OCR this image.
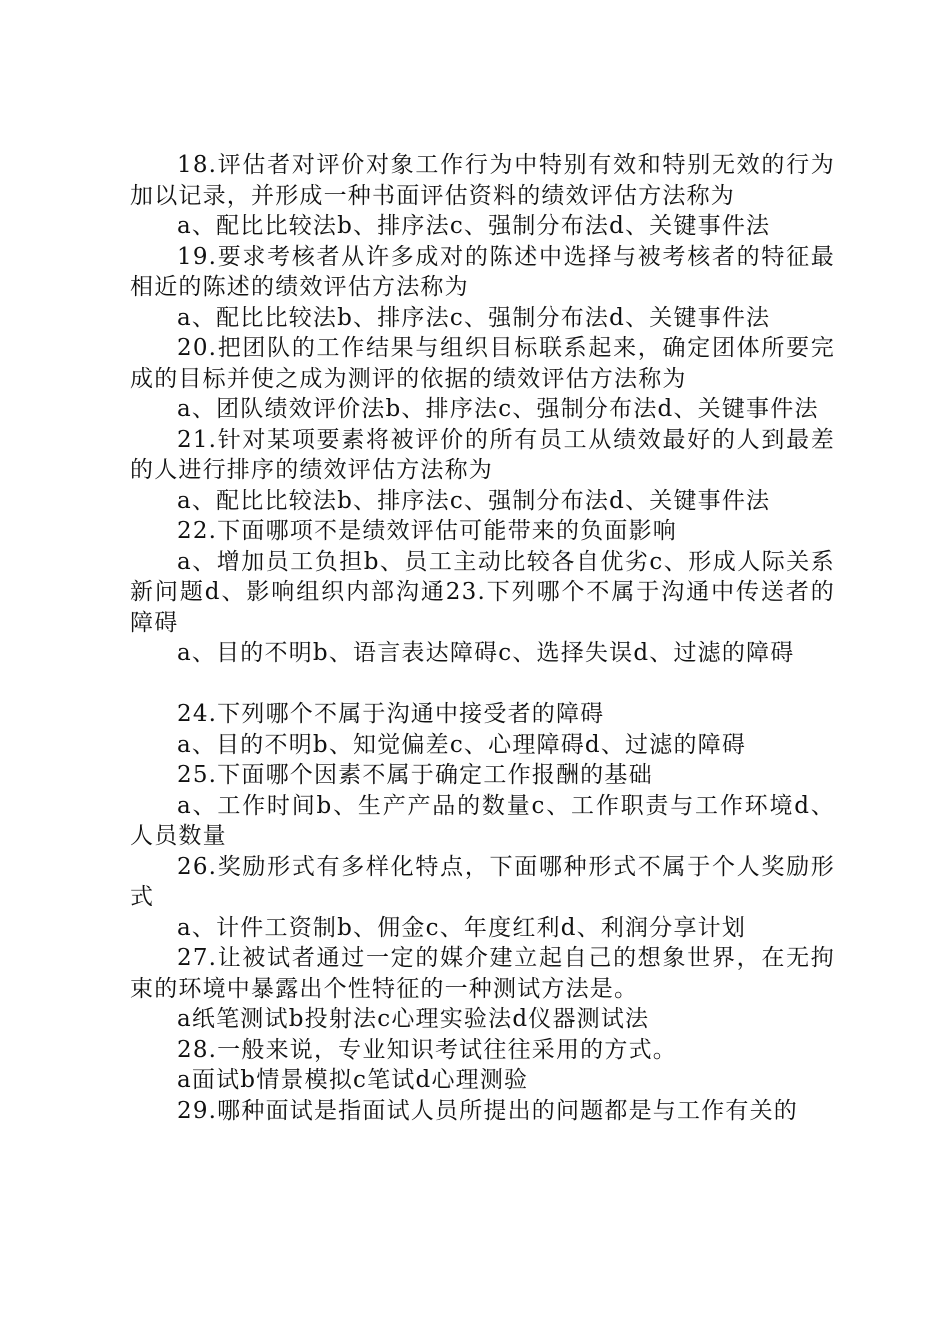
18.评估者对评价对象工作行为中特别有效和特别无效的行为加以记录，并形成一种书面评估资料的绩效评估方法称为

a、配比比较法b、排序法c、强制分布法d、关键事件法

19.要求考核者从许多成对的陈述中选择与被考核者的特征最相近的陈述的绩效评估方法称为

a、配比比较法b、排序法c、强制分布法d、关键事件法

20.把团队的工作结果与组织目标联系起来，确定团体所要完成的目标并使之成为测评的依据的绩效评估方法称为

a、团队绩效评价法b、排序法c、强制分布法d、关键事件法

21.针对某项要素将被评价的所有员工从绩效最好的人到最差的人进行排序的绩效评估方法称为

a、配比比较法b、排序法c、强制分布法d、关键事件法

22.下面哪项不是绩效评估可能带来的负面影响

a、增加员工负担b、员工主动比较各自优劣c、形成人际关系新问题d、影响组织内部沟通23.下列哪个不属于沟通中传送者的障碍

a、目的不明b、语言表达障碍c、选择失误d、过滤的障碍

24.下列哪个不属于沟通中接受者的障碍

a、目的不明b、知觉偏差c、心理障碍d、过滤的障碍

25.下面哪个因素不属于确定工作报酬的基础

a、工作时间b、生产产品的数量c、工作职责与工作环境d、人员数量

26.奖励形式有多样化特点，下面哪种形式不属于个人奖励形式

a、计件工资制b、佣金c、年度红利d、利润分享计划

27.让被试者通过一定的媒介建立起自己的想象世界，在无拘束的环境中暴露出个性特征的一种测试方法是。

a纸笔测试b投射法c心理实验法d仪器测试法

28.一般来说，专业知识考试往往采用的方式。

a面试b情景模拟c笔试d心理测验

29.哪种面试是指面试人员所提出的问题都是与工作有关的
